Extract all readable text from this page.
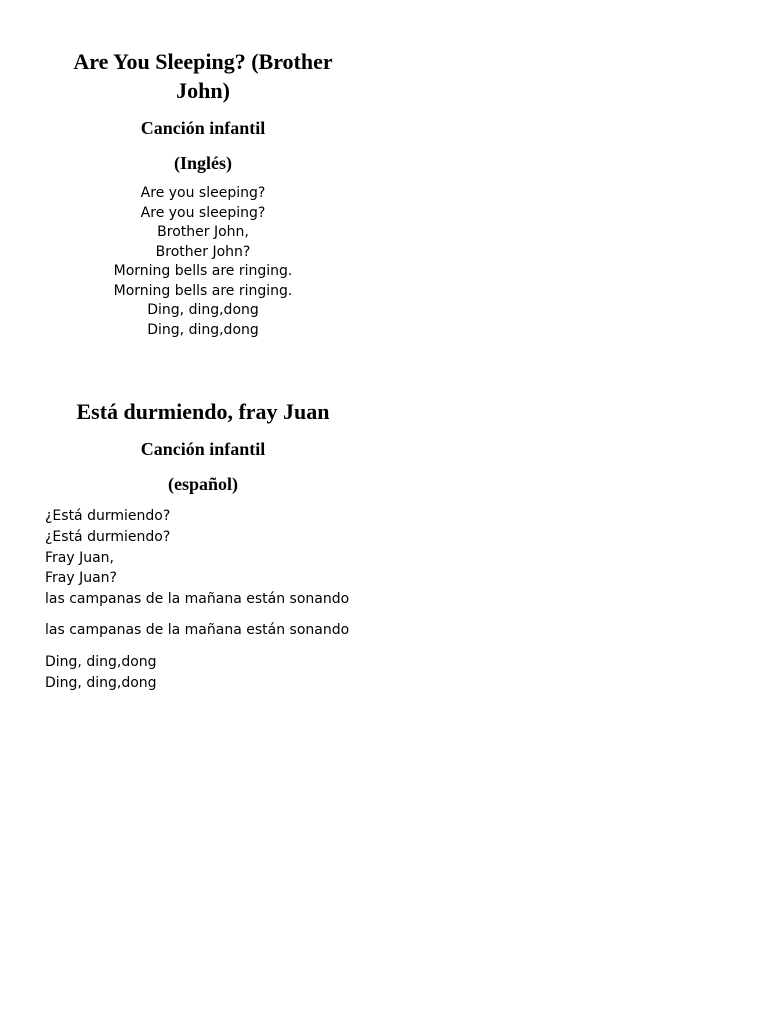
Are You Sleeping? (Brother John)
Canción infantil
(Inglés)
Are you sleeping?
Are you sleeping?
Brother John,
Brother John?
Morning bells are ringing.
Morning bells are ringing.
Ding, ding,dong
Ding, ding,dong
Está durmiendo, fray Juan
Canción infantil
(español)
¿Está durmiendo?
¿Está durmiendo?
Fray Juan,
Fray Juan?
las campanas de la mañana están sonando
las campanas de la mañana están sonando
Ding, ding,dong
Ding, ding,dong
